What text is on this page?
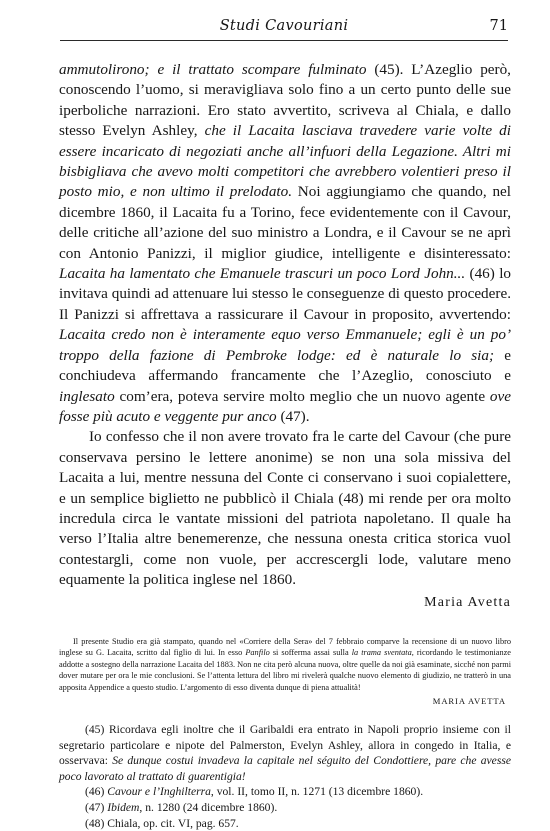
Studi Cavouriani	71

ammutolirono; e il trattato scompare fulminato (45). L’Azeglio però, conoscendo l’uomo, si meravigliava solo fino a un certo punto delle sue iperboliche narrazioni. Ero stato avvertito, scriveva al Chiala, e dallo stesso Evelyn Ashley, che il Lacaita lasciava travedere varie volte di essere incaricato di negoziati anche all’infuori della Legazione. Altri mi bisbigliava che avevo molti competitori che avrebbero volentieri preso il posto mio, e non ultimo il prelodato. Noi aggiungiamo che quando, nel dicembre 1860, il Lacaita fu a Torino, fece evidentemente con il Cavour, delle critiche all’azione del suo ministro a Londra, e il Cavour se ne aprì con Antonio Panizzi, il miglior giudice, intelligente e disinteressato: Lacaita ha lamentato che Emanuele trascuri un poco Lord John... (46) lo invitava quindi ad attenuare lui stesso le conseguenze di questo procedere. Il Panizzi si affrettava a rassicurare il Cavour in proposito, avvertendo: Lacaita credo non è interamente equo verso Emmanuele; egli è un po’ troppo della fazione di Pembroke lodge: ed è naturale lo sia; e conchiudeva affermando francamente che l’Azeglio, conosciuto e inglesato com’era, poteva servire molto meglio che un nuovo agente ove fosse più acuto e veggente pur anco (47).

Io confesso che il non avere trovato fra le carte del Cavour (che pure conservava persino le lettere anonime) se non una sola missiva del Lacaita a lui, mentre nessuna del Conte ci conservano i suoi copialettere, e un semplice biglietto ne pubblicò il Chiala (48) mi rende per ora molto incredula circa le vantate missioni del patriota napoletano. Il quale ha verso l’Italia altre benemerenze, che nessuna onesta critica storica vuol contestargli, come non vuole, per accrescergli lode, valutare meno equamente la politica inglese nel 1860.

Maria Avetta
Il presente Studio era già stampato, quando nel «Corriere della Sera» del 7 febbraio comparve la recensione di un nuovo libro inglese su G. Lacaita, scritto dal figlio di lui. In esso Panfilo si sofferma assai sulla la trama sventata, ricordando le testimonianze addotte a sostegno della narrazione Lacaita del 1883. Non ne cita però alcuna nuova, oltre quelle da noi già esaminate, sicché non parmi dover mutare per ora le mie conclusioni. Se l’attenta lettura del libro mi rivelerà qualche nuovo elemento di giudizio, ne tratterò in una apposita Appendice a questo studio. L’argomento di esso diventa dunque di piena attualità!
MARIA AVETTA
(45) Ricordava egli inoltre che il Garibaldi era entrato in Napoli proprio insieme con il segretario particolare e nipote del Palmerston, Evelyn Ashley, allora in congedo in Italia, e osservava: Se dunque costui invadeva la capitale nel séguito del Condottiere, pare che avesse poco lavorato al trattato di guarentigia!
(46) Cavour e l’Inghilterra, vol. II, tomo II, n. 1271 (13 dicembre 1860).
(47) Ibidem, n. 1280 (24 dicembre 1860).
(48) Chiala, op. cit. VI, pag. 657.
